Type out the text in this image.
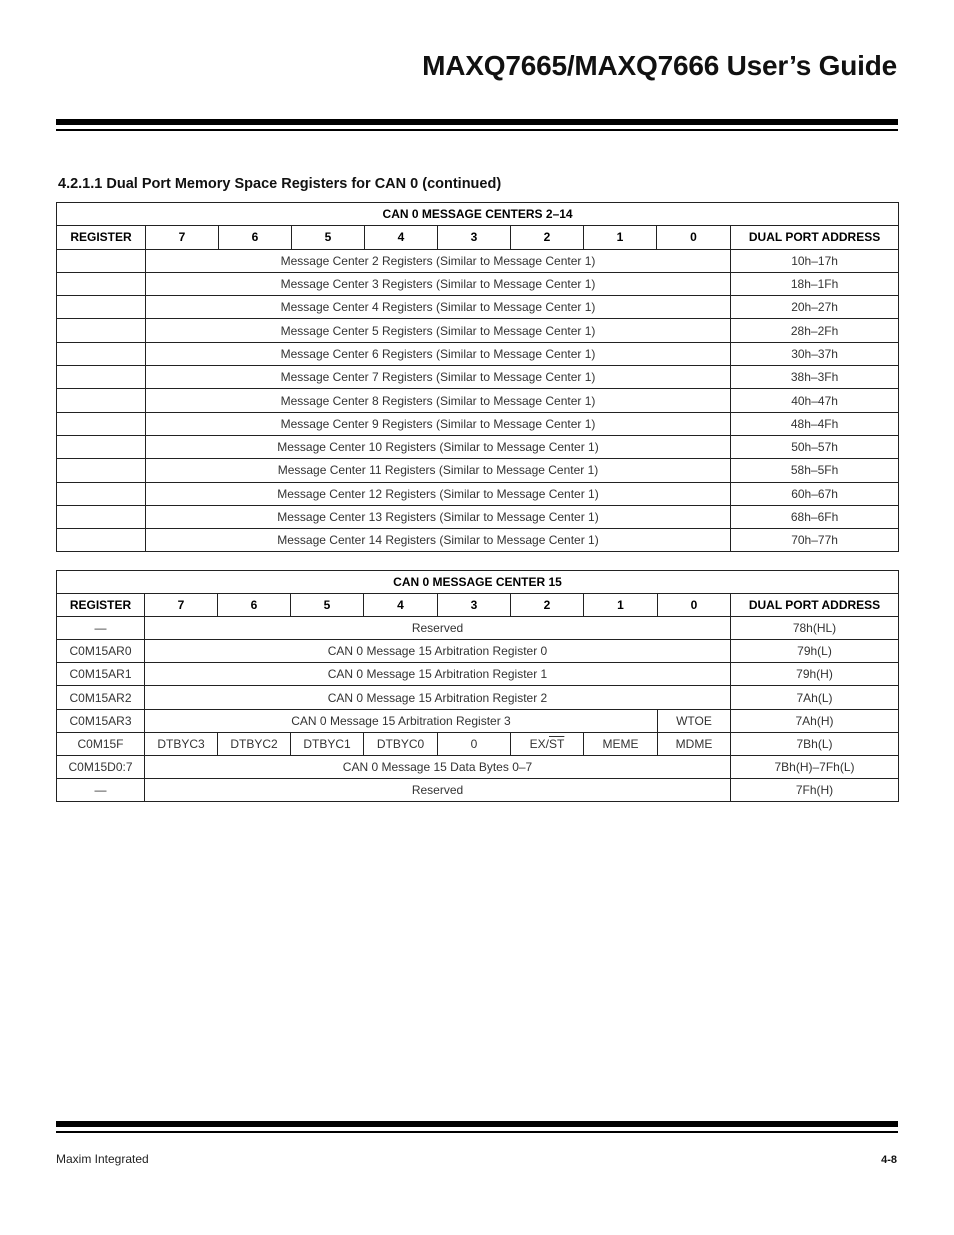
MAXQ7665/MAXQ7666 User’s Guide
4.2.1.1 Dual Port Memory Space Registers for CAN 0 (continued)
CAN 0 MESSAGE CENTERS 2–14									
REGISTER	7	6	5	4	3	2	1	0	DUAL PORT ADDRESS
	Message Center 2 Registers (Similar to Message Center 1)								10h–17h
	Message Center 3 Registers (Similar to Message Center 1)								18h–1Fh
	Message Center 4 Registers (Similar to Message Center 1)								20h–27h
	Message Center 5 Registers (Similar to Message Center 1)								28h–2Fh
	Message Center 6 Registers (Similar to Message Center 1)								30h–37h
	Message Center 7 Registers (Similar to Message Center 1)								38h–3Fh
	Message Center 8 Registers (Similar to Message Center 1)								40h–47h
	Message Center 9 Registers (Similar to Message Center 1)								48h–4Fh
	Message Center 10 Registers (Similar to Message Center 1)								50h–57h
	Message Center 11 Registers (Similar to Message Center 1)								58h–5Fh
	Message Center 12 Registers (Similar to Message Center 1)								60h–67h
	Message Center 13 Registers (Similar to Message Center 1)								68h–6Fh
	Message Center 14 Registers (Similar to Message Center 1)								70h–77h
CAN 0 MESSAGE CENTER 15									
REGISTER	7	6	5	4	3	2	1	0	DUAL PORT ADDRESS
—	Reserved								78h(HL)
C0M15AR0	CAN 0 Message 15 Arbitration Register 0								79h(L)
C0M15AR1	CAN 0 Message 15 Arbitration Register 1								79h(H)
C0M15AR2	CAN 0 Message 15 Arbitration Register 2								7Ah(L)
C0M15AR3	CAN 0 Message 15 Arbitration Register 3							WTOE	7Ah(H)
C0M15F	DTBYC3	DTBYC2	DTBYC1	DTBYC0	0	$EX/\overline{ST}$	MEME	MDME	7Bh(L)
C0M15D0:7	CAN 0 Message 15 Data Bytes 0–7								7Bh(H)–7Fh(L)
—	Reserved								7Fh(H)
Maxim Integrated	4-8
